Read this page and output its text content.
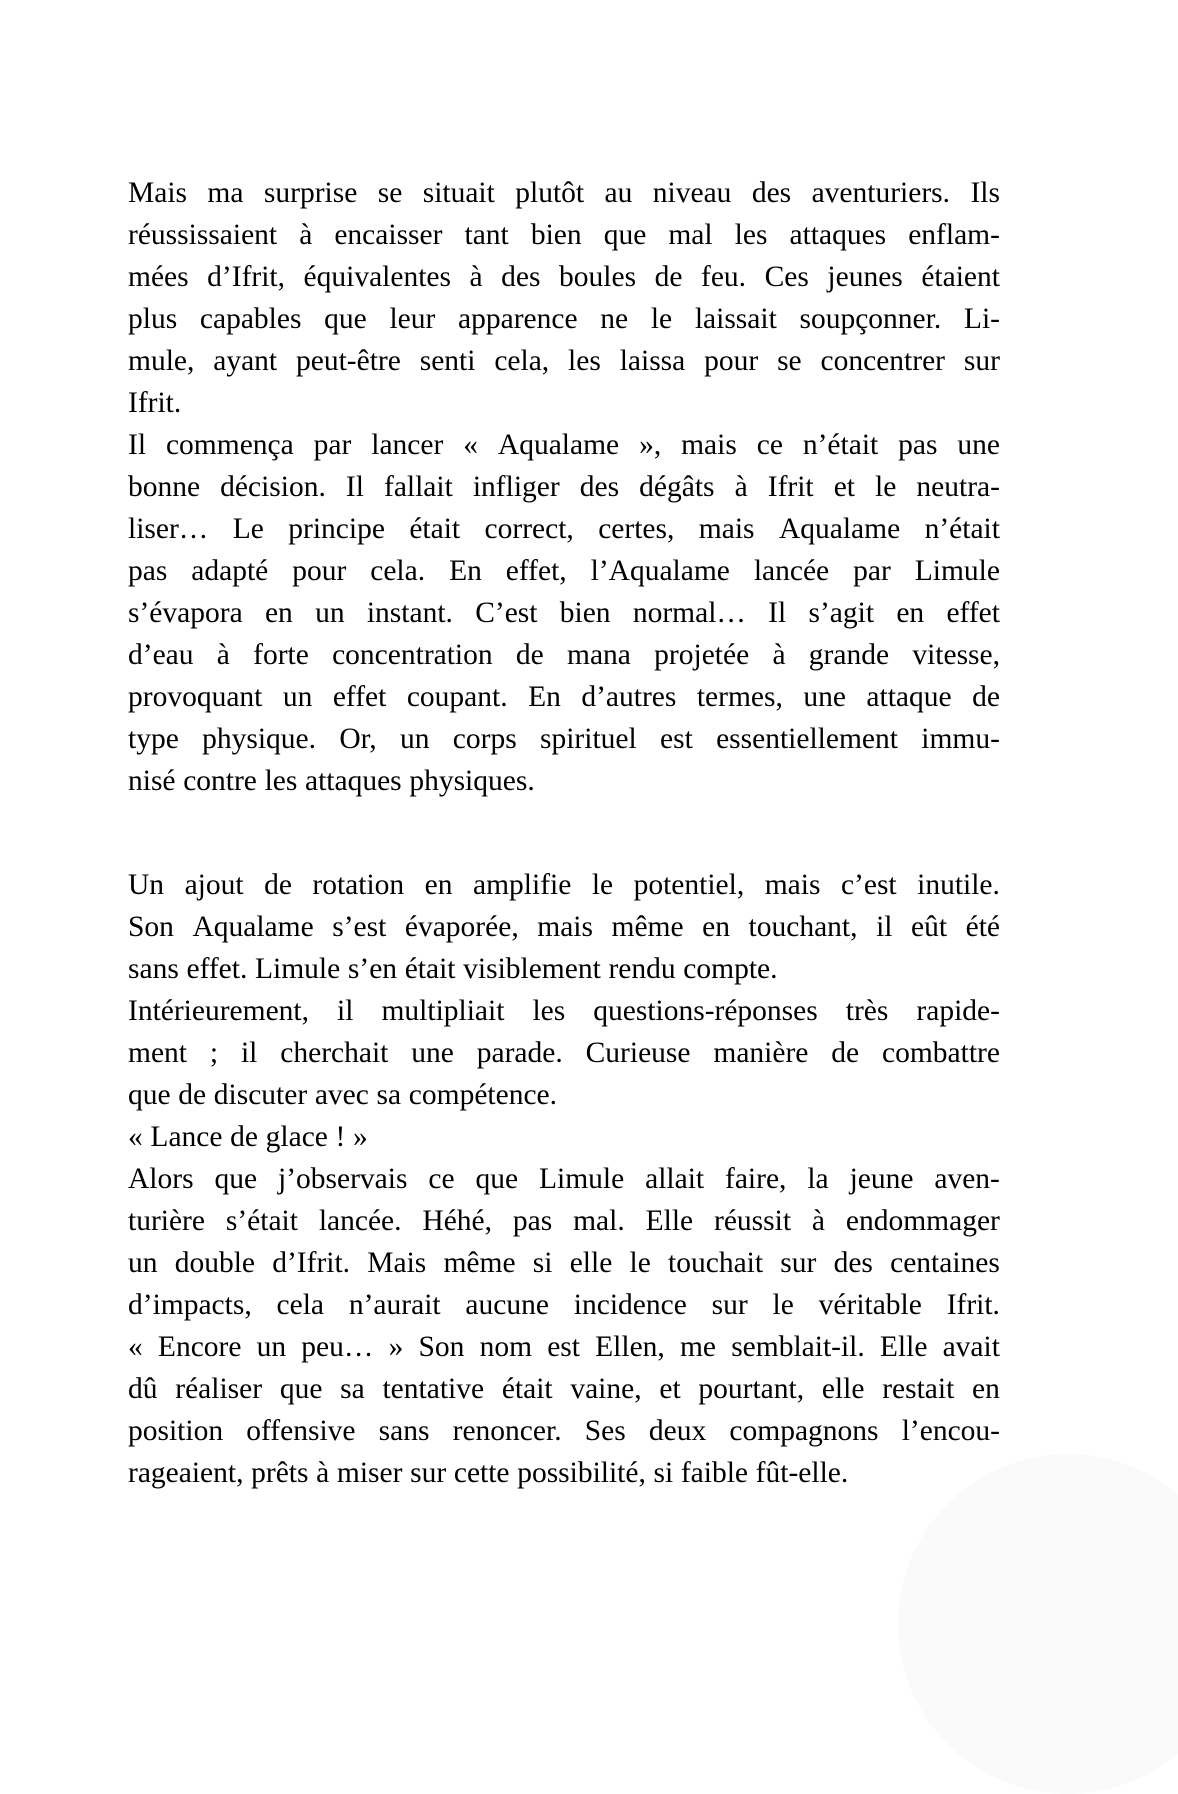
Mais ma surprise se situait plutôt au niveau des aventuriers. Ils
réussissaient à encaisser tant bien que mal les attaques enflam-
mées d’Ifrit, équivalentes à des boules de feu. Ces jeunes étaient
plus capables que leur apparence ne le laissait soupçonner. Li-
mule, ayant peut-être senti cela, les laissa pour se concentrer sur
Ifrit.
Il commença par lancer « Aqualame », mais ce n’était pas une
bonne décision. Il fallait infliger des dégâts à Ifrit et le neutra-
liser… Le principe était correct, certes, mais Aqualame n’était
pas adapté pour cela. En effet, l’Aqualame lancée par Limule
s’évapora en un instant. C’est bien normal… Il s’agit en effet
d’eau à forte concentration de mana projetée à grande vitesse,
provoquant un effet coupant. En d’autres termes, une attaque de
type physique. Or, un corps spirituel est essentiellement immu-
nisé contre les attaques physiques.
Un ajout de rotation en amplifie le potentiel, mais c’est inutile.
Son Aqualame s’est évaporée, mais même en touchant, il eût été
sans effet. Limule s’en était visiblement rendu compte.
Intérieurement, il multipliait les questions-réponses très rapide-
ment ; il cherchait une parade. Curieuse manière de combattre
que de discuter avec sa compétence.
« Lance de glace ! »
Alors que j’observais ce que Limule allait faire, la jeune aven-
turière s’était lancée. Héhé, pas mal. Elle réussit à endommager
un double d’Ifrit. Mais même si elle le touchait sur des centaines
d’impacts, cela n’aurait aucune incidence sur le véritable Ifrit.
« Encore un peu… » Son nom est Ellen, me semblait-il. Elle avait
dû réaliser que sa tentative était vaine, et pourtant, elle restait en
position offensive sans renoncer. Ses deux compagnons l’encou-
rageaient, prêts à miser sur cette possibilité, si faible fût-elle.
